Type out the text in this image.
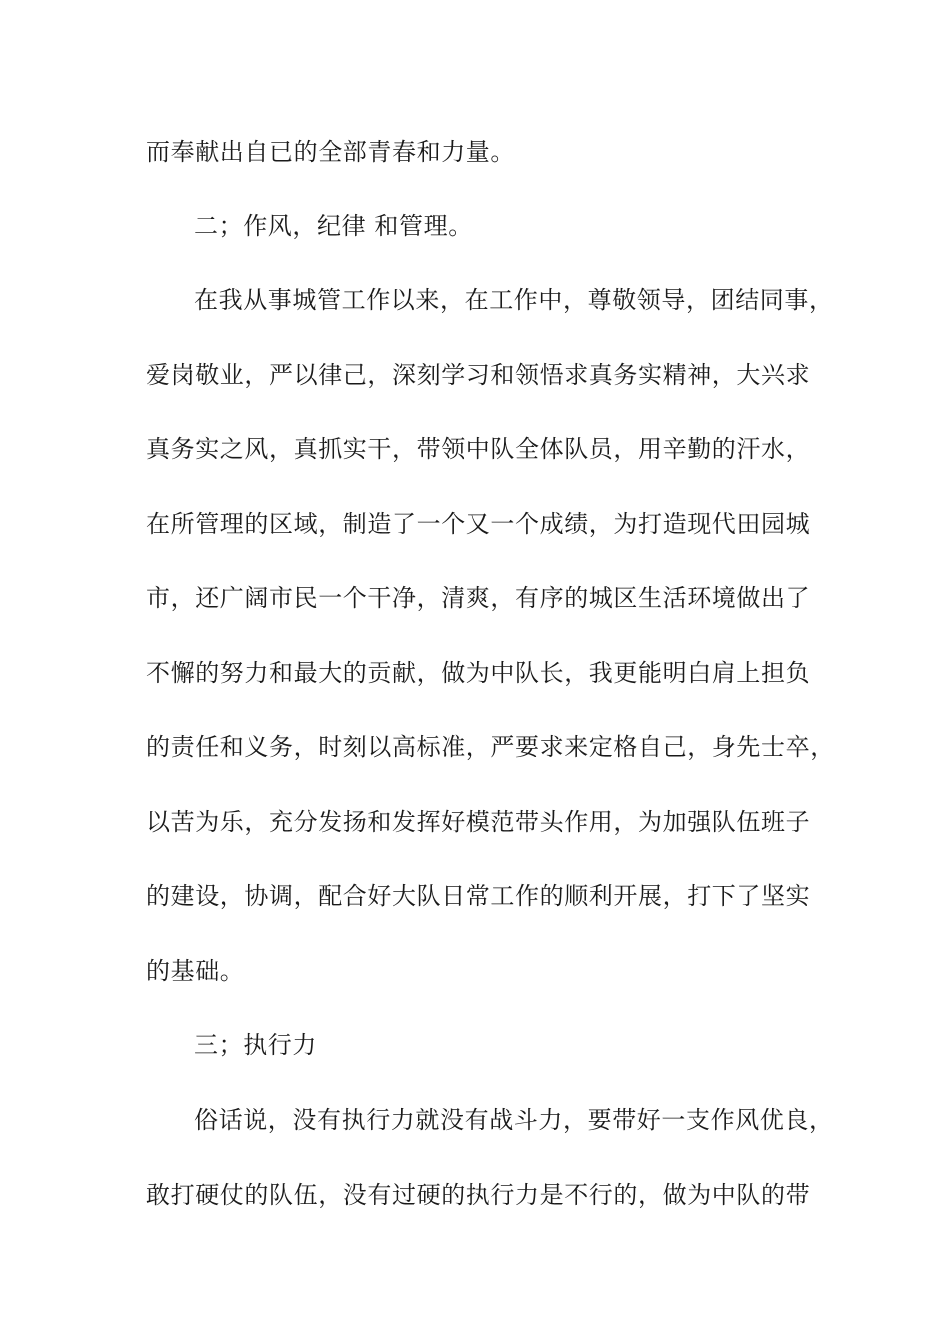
而奉献出自已的全部青春和力量。
二；作风，纪律 和管理。
在我从事城管工作以来，在工作中，尊敬领导，团结同事，
爱岗敬业，严以律己，深刻学习和领悟求真务实精神，大兴求
真务实之风，真抓实干，带领中队全体队员，用辛勤的汗水，
在所管理的区域，制造了一个又一个成绩，为打造现代田园城
市，还广阔市民一个干净，清爽，有序的城区生活环境做出了
不懈的努力和最大的贡献，做为中队长，我更能明白肩上担负
的责任和义务，时刻以高标准，严要求来定格自己，身先士卒，
以苦为乐，充分发扬和发挥好模范带头作用，为加强队伍班子
的建设，协调，配合好大队日常工作的顺利开展，打下了坚实
的基础。
三；执行力
俗话说，没有执行力就没有战斗力，要带好一支作风优良，
敢打硬仗的队伍，没有过硬的执行力是不行的，做为中队的带
